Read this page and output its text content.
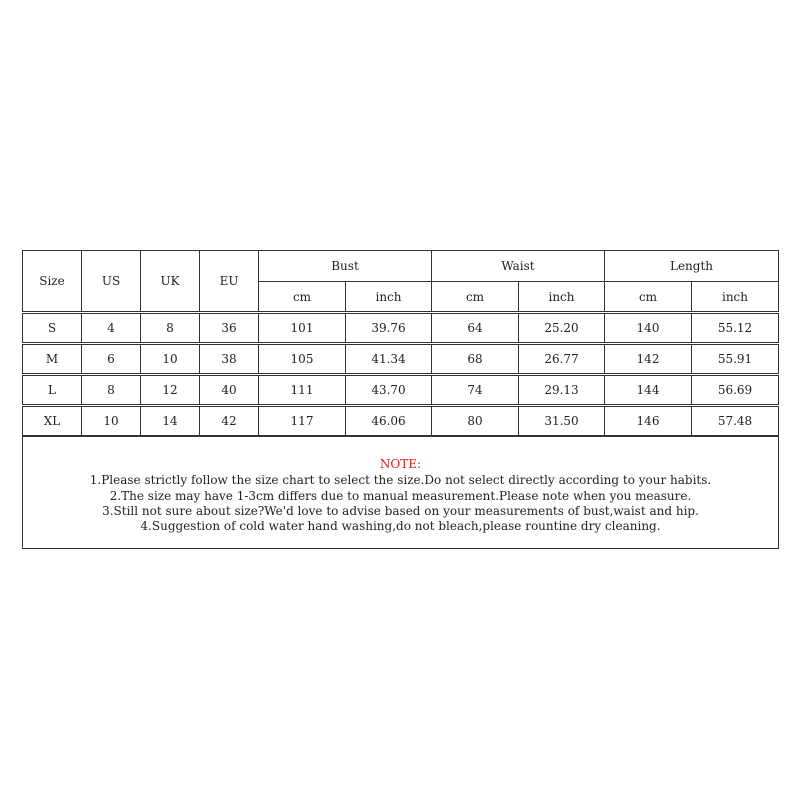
Size	US	UK	EU
Bust	Waist	Length
cm	inch	cm	inch	cm	inch
S	4	8	36	101	39.76	64	25.20	140	55.12
M	6	10	38	105	41.34	68	26.77	142	55.91
L	8	12	40	111	43.70	74	29.13	144	56.69
XL	10	14	42	117	46.06	80	31.50	146	57.48
NOTE:
1.Please strictly follow the size chart to select the size.Do not select directly according to your habits.
2.The size may have 1-3cm differs due to manual measurement.Please note when you measure.
3.Still not sure about size?We'd love to advise based on your measurements of bust,waist and hip.
4.Suggestion of cold water hand washing,do not bleach,please rountine dry cleaning.
